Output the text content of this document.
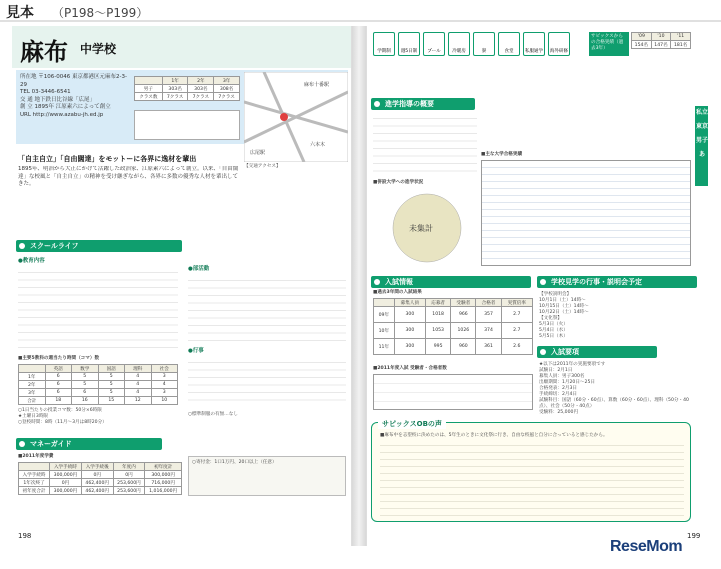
見本 （P198〜P199）
麻布 中学校
所在地 〒106-0046 東京都港区元麻布2-3-29
TEL 03-3446-6541
交 通 地下鉄日比谷線「広尾」
創 立 1895年 江原素六によって創立
URL http://www.azabu-jh.ed.jp
	1年	2年	3年
男子	303名	303名	308名
クラス数	7クラス	7クラス	7クラス
広尾駅
麻布十番駅
六本木
【交通アクセス】
「自主自立」「自由闊達」をモットーに各界に逸材を輩出
1895年、明治から大正にかけて活躍した政治家、江原素六によって創立。以来、「自由闊達」な校風と「自主自立」の精神を受け継ぎながら、各界に多数の優秀な人材を輩出してきた。
スクールライフ
●教育内容
■主要5教科の週当たり時間（コマ）数
	英語	数学	国語	理科	社会
1年	6	5	5	4	3
2年	6	5	5	4	4
3年	6	6	5	4	3
合計	18	16	15	12	10
○1日当たりの授業コマ数：50分×6時限
★土曜日3時限
○登校時間：8時（11月〜3月は8時20分）
●部活動
●行事
○標準制服の有無…なし
マネーガイド
■2011年度学費
	入学手続時	入学手続後	年度内	初年度計
入学手続時	300,000円	0円	0円	300,000円
1年次終了	0円	462,400円	253,600円	716,000円
初年度合計	300,000円	462,400円	253,600円	1,016,000円
○寄付金：1口1万円、20口以上（任意）
198
学期制	週5日制	プール	冷暖房	寮	食堂	私服通学	海外研修
サピックスからの合格実績（過去3年）
'09	'10	'11
154名	147名	181名
私立
東京
男子
あ
進学指導の概要
■併設大学への進学状況
未集計
■主な大学合格実績
入試情報
■過去3年間の入試結果
	募集人員	応募者	受験者	合格者	実質倍率
09年	300	1018	966	357	2.7
10年	300	1053	1026	374	2.7
11年	300	995	960	361	2.6
■2011年度入試 受験者・合格者数
学校見学の行事・説明会予定
【学校説明会】
10月1日（土）14時〜
10月15日（土）14時〜
10月22日（土）14時〜
【文化祭】
5月3日（火）
5月4日（水）
5月5日（木）
入試要項
★以下は2011年の実施要項です
試験日：2月1日
募集人員：男子300名
出願期間：1月20日〜25日
合格発表：2月3日
手続締切：2月4日
試験科目：国語（60分・60点）、算数（60分・60点）、理科（50分・40点）、社会（50分・40点）
受験料：25,000円
サピックスOBの声
■麻布中を志望校に決めたのは、5年生のときに文化祭に行き、自由な校風と自分に合っていると感じたから。
199
ReseMom
